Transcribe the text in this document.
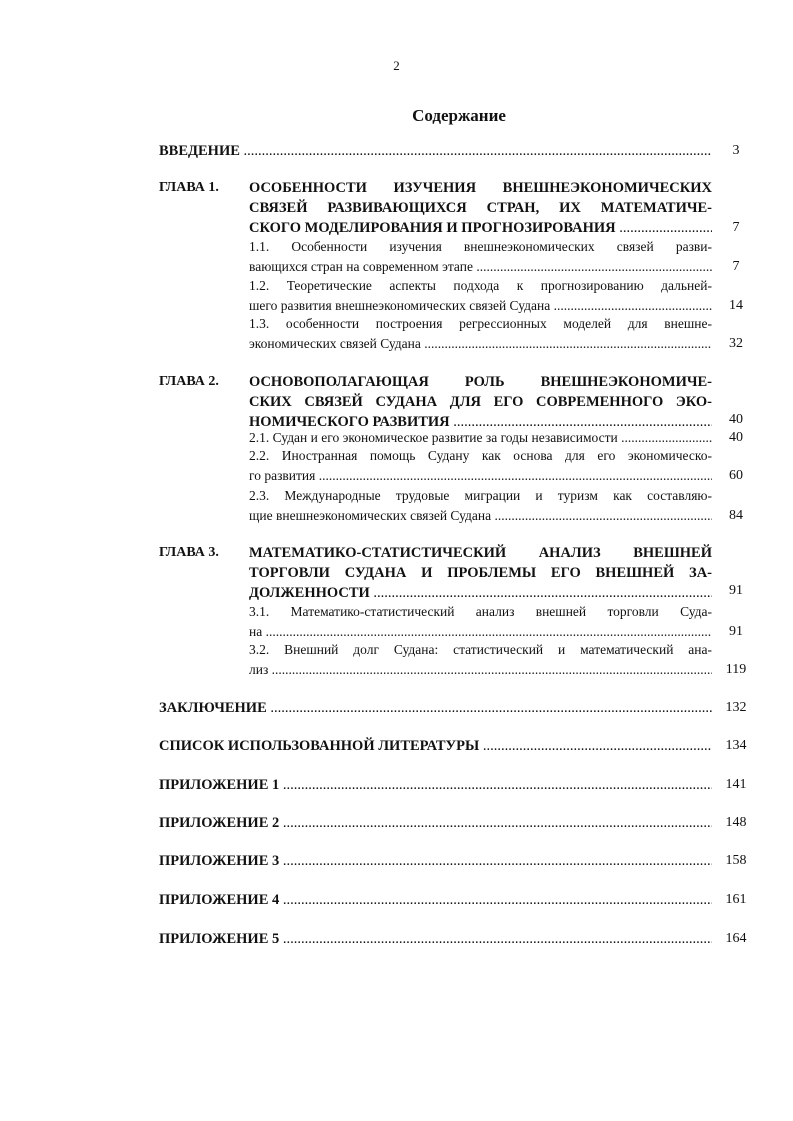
2
Содержание
ВВЕДЕНИЕ .....	3
ГЛАВА 1. ОСОБЕННОСТИ ИЗУЧЕНИЯ ВНЕШНЕЭКОНОМИЧЕСКИХ
СВЯЗЕЙ РАЗВИВАЮЩИХСЯ СТРАН, ИХ МАТЕМАТИЧЕ-
СКОГО МОДЕЛИРОВАНИЯ И ПРОГНОЗИРОВАНИЯ .....	7
1.1. Особенности изучения внешнеэкономических связей разви-
вающихся стран на современном этапе .....	7
1.2. Теоретические аспекты подхода к прогнозированию дальней-
шего развития внешнеэкономических связей Судана .....	14
1.3. особенности построения регрессионных моделей для внешне-
экономических связей Судана .....	32
ГЛАВА 2. ОСНОВОПОЛАГАЮЩАЯ РОЛЬ ВНЕШНЕЭКОНОМИЧЕ-
СКИХ СВЯЗЕЙ СУДАНА ДЛЯ ЕГО СОВРЕМЕННОГО ЭКО-
НОМИЧЕСКОГО РАЗВИТИЯ .....	40
2.1. Судан и его экономическое развитие за годы независимости .....	40
2.2. Иностранная помощь Судану как основа для его экономическо-
го развития .....	60
2.3. Международные трудовые миграции и туризм как составляю-
щие внешнеэкономических связей Судана .....	84
ГЛАВА 3. МАТЕМАТИКО-СТАТИСТИЧЕСКИЙ АНАЛИЗ ВНЕШНЕЙ
ТОРГОВЛИ СУДАНА И ПРОБЛЕМЫ ЕГО ВНЕШНЕЙ ЗА-
ДОЛЖЕННОСТИ .....	91
3.1. Математико-статистический анализ внешней торговли Суда-
на .....	91
3.2. Внешний долг Судана: статистический и математический ана-
лиз .....	119
ЗАКЛЮЧЕНИЕ .....	132
СПИСОК ИСПОЛЬЗОВАННОЙ ЛИТЕРАТУРЫ .....	134
ПРИЛОЖЕНИЕ 1 .....	141
ПРИЛОЖЕНИЕ 2 .....	148
ПРИЛОЖЕНИЕ 3 .....	158
ПРИЛОЖЕНИЕ 4 .....	161
ПРИЛОЖЕНИЕ 5 .....	164
